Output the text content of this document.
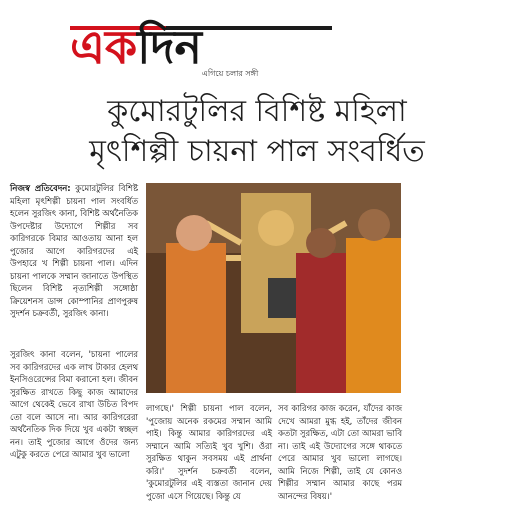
এক দিন এগিয়ে চলার সঙ্গী
কুমোরটুলির বিশিষ্ট মহিলা
মৃৎশিল্পী চায়না পাল সংবর্ধিত
নিজস্ব প্রতিবেদন: কুমোরটুলির বিশিষ্ট মহিলা মৃৎশিল্পী চায়না পাল সংবর্ধিত হলেন সুরজিৎ কানা, বিশিষ্ট অর্থনৈতিক উপদেষ্টার উদ্যোগে শিল্পীর সব কারিগরকে বিমার আওতায় আনা হল পুজোর আগে কারিগরদের এই উপহারে খ শিল্পী চায়না পাল। এদিন চায়না পালকে সম্মান জানাতে উপস্থিত ছিলেন বিশিষ্ট নৃত্যশিল্পী সঙ্গোষ্ঠা ক্রিয়েশনস ডান্স কোম্পানির প্রাণপুরুষ সুদর্শন চক্রবর্তী, সুরজিৎ কানা।
সুরজিৎ কানা বলেন, 'চায়না পালের সব কারিগরদের এক লাখ টাকার হেলথ ইনসিওরেন্সের বিমা করানো হল। জীবন সুরক্ষিত রাখতে কিছু কাজ আমাদের আগে থেকেই ভেবে রাখা উচিত বিপদ তো বলে আসে না। আর কারিগরেরা অর্থনৈতিক দিক দিয়ে খুব একটা স্বচ্ছল নন। তাই পুজোর আগে ওঁদের জন্য এটুকু করতে পেরে আমার খুব ভালো
লাগছে।' শিল্পী চায়না পাল বলেন, 'পুজোয় অনেক রকমের সম্মান আমি পাই। কিন্তু আমার কারিগরদের এই সম্মানে আমি সত্যিই খুব খুশি। ওঁরা সুরক্ষিত থাকুন সবসময় এই প্রার্থনা করি।' সুদর্শন চক্রবর্তী বলেন, 'কুমোরটুলির এই ব্যস্ততা জানান দেয় পুজো এসে গিয়েছে। কিন্তু যে
সব কারিগর কাজ করেন, যাঁদের কাজ দেখে আমরা মুগ্ধ হই, তাঁদের জীবন কতটা সুরক্ষিত, এটা তো আমরা ভাবি না। তাই এই উদ্যোগের সঙ্গে থাকতে পেরে আমার খুব ভালো লাগছে। আমি নিজে শিল্পী, তাই যে কোনও শিল্পীর সম্মান আমার কাছে পরম আনন্দের বিষয়।'
